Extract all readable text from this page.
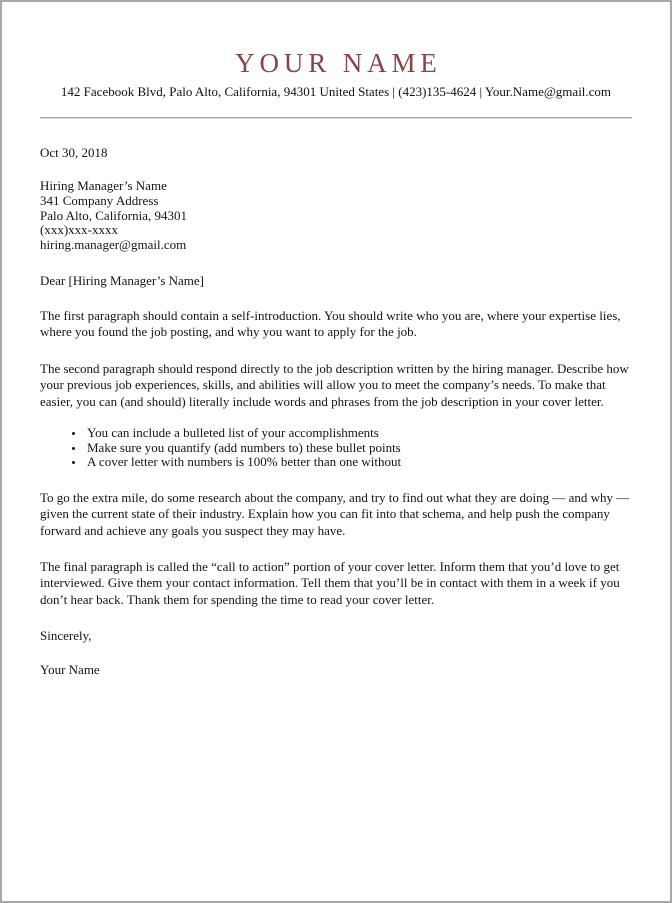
YOUR NAME
142 Facebook Blvd, Palo Alto, California, 94301 United States | (423)135-4624 | Your.Name@gmail.com
Oct 30, 2018
Hiring Manager’s Name
341 Company Address
Palo Alto, California, 94301
(xxx)xxx-xxxx
hiring.manager@gmail.com
Dear [Hiring Manager’s Name]

The first paragraph should contain a self-introduction. You should write who you are, where your expertise lies, where you found the job posting, and why you want to apply for the job.

The second paragraph should respond directly to the job description written by the hiring manager. Describe how your previous job experiences, skills, and abilities will allow you to meet the company’s needs. To make that easier, you can (and should) literally include words and phrases from the job description in your cover letter.

• You can include a bulleted list of your accomplishments
• Make sure you quantify (add numbers to) these bullet points
• A cover letter with numbers is 100% better than one without

To go the extra mile, do some research about the company, and try to find out what they are doing — and why — given the current state of their industry. Explain how you can fit into that schema, and help push the company forward and achieve any goals you suspect they may have.

The final paragraph is called the “call to action” portion of your cover letter. Inform them that you’d love to get interviewed. Give them your contact information. Tell them that you’ll be in contact with them in a week if you don’t hear back. Thank them for spending the time to read your cover letter.

Sincerely,
Your Name
